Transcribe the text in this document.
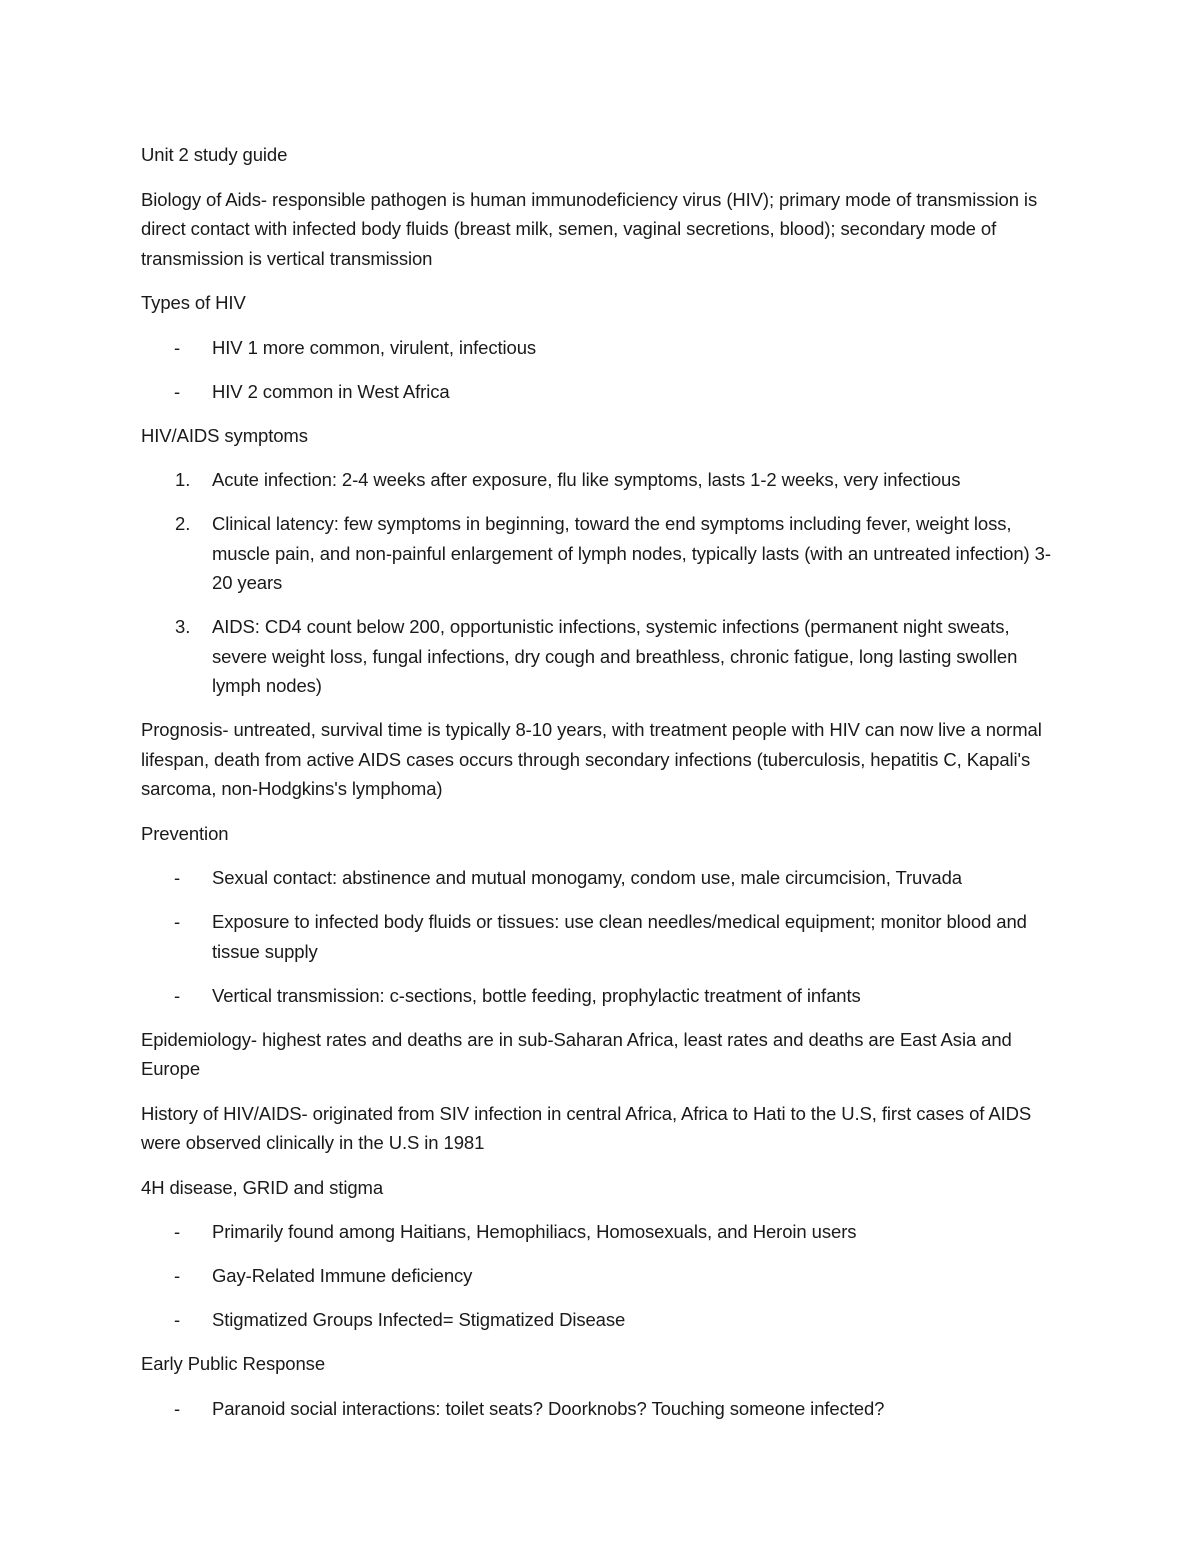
Unit 2 study guide

Biology of Aids- responsible pathogen is human immunodeficiency virus (HIV); primary mode of transmission is direct contact with infected body fluids (breast milk, semen, vaginal secretions, blood); secondary mode of transmission is vertical transmission

Types of HIV

- HIV 1 more common, virulent, infectious
- HIV 2 common in West Africa

HIV/AIDS symptoms

1. Acute infection: 2-4 weeks after exposure, flu like symptoms, lasts 1-2 weeks, very infectious
2. Clinical latency: few symptoms in beginning, toward the end symptoms including fever, weight loss, muscle pain, and non-painful enlargement of lymph nodes, typically lasts (with an untreated infection) 3-20 years
3. AIDS: CD4 count below 200, opportunistic infections, systemic infections (permanent night sweats, severe weight loss, fungal infections, dry cough and breathless, chronic fatigue, long lasting swollen lymph nodes)

Prognosis- untreated, survival time is typically 8-10 years, with treatment people with HIV can now live a normal lifespan, death from active AIDS cases occurs through secondary infections (tuberculosis, hepatitis C, Kapali's sarcoma, non-Hodgkins's lymphoma)

Prevention

- Sexual contact: abstinence and mutual monogamy, condom use, male circumcision, Truvada
- Exposure to infected body fluids or tissues: use clean needles/medical equipment; monitor blood and tissue supply
- Vertical transmission: c-sections, bottle feeding, prophylactic treatment of infants

Epidemiology- highest rates and deaths are in sub-Saharan Africa, least rates and deaths are East Asia and Europe

History of HIV/AIDS- originated from SIV infection in central Africa, Africa to Hati to the U.S, first cases of AIDS were observed clinically in the U.S in 1981

4H disease, GRID and stigma

- Primarily found among Haitians, Hemophiliacs, Homosexuals, and Heroin users
- Gay-Related Immune deficiency
- Stigmatized Groups Infected= Stigmatized Disease

Early Public Response

- Paranoid social interactions: toilet seats? Doorknobs? Touching someone infected?
